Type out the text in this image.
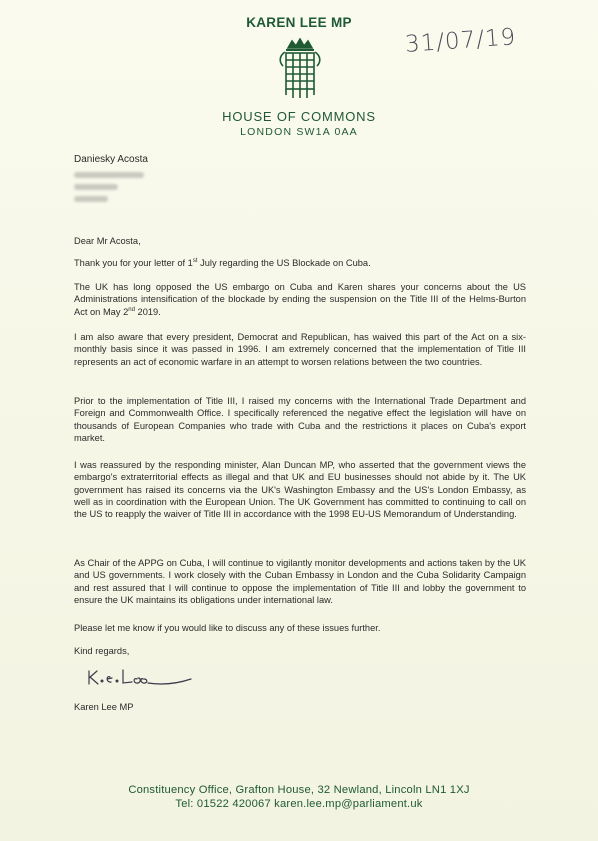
KAREN LEE MP
HOUSE OF COMMONS
LONDON SW1A 0AA
31/07/19
Daniesky Acosta

Dear Mr Acosta,

Thank you for your letter of 1st July regarding the US Blockade on Cuba.

The UK has long opposed the US embargo on Cuba and Karen shares your concerns about the US Administrations intensification of the blockade by ending the suspension on the Title III of the Helms-Burton Act on May 2nd 2019.

I am also aware that every president, Democrat and Republican, has waived this part of the Act on a six-monthly basis since it was passed in 1996. I am extremely concerned that the implementation of Title III represents an act of economic warfare in an attempt to worsen relations between the two countries.

Prior to the implementation of Title III, I raised my concerns with the International Trade Department and Foreign and Commonwealth Office. I specifically referenced the negative effect the legislation will have on thousands of European Companies who trade with Cuba and the restrictions it places on Cuba's export market.

I was reassured by the responding minister, Alan Duncan MP, who asserted that the government views the embargo's extraterritorial effects as illegal and that UK and EU businesses should not abide by it. The UK government has raised its concerns via the UK's Washington Embassy and the US's London Embassy, as well as in coordination with the European Union. The UK Government has committed to continuing to call on the US to reapply the waiver of Title III in accordance with the 1998 EU-US Memorandum of Understanding.

As Chair of the APPG on Cuba, I will continue to vigilantly monitor developments and actions taken by the UK and US governments. I work closely with the Cuban Embassy in London and the Cuba Solidarity Campaign and rest assured that I will continue to oppose the implementation of Title III and lobby the government to ensure the UK maintains its obligations under international law.

Please let me know if you would like to discuss any of these issues further.

Kind regards,

Karen Lee MP

Constituency Office, Grafton House, 32 Newland, Lincoln LN1 1XJ
Tel: 01522 420067 karen.lee.mp@parliament.uk
